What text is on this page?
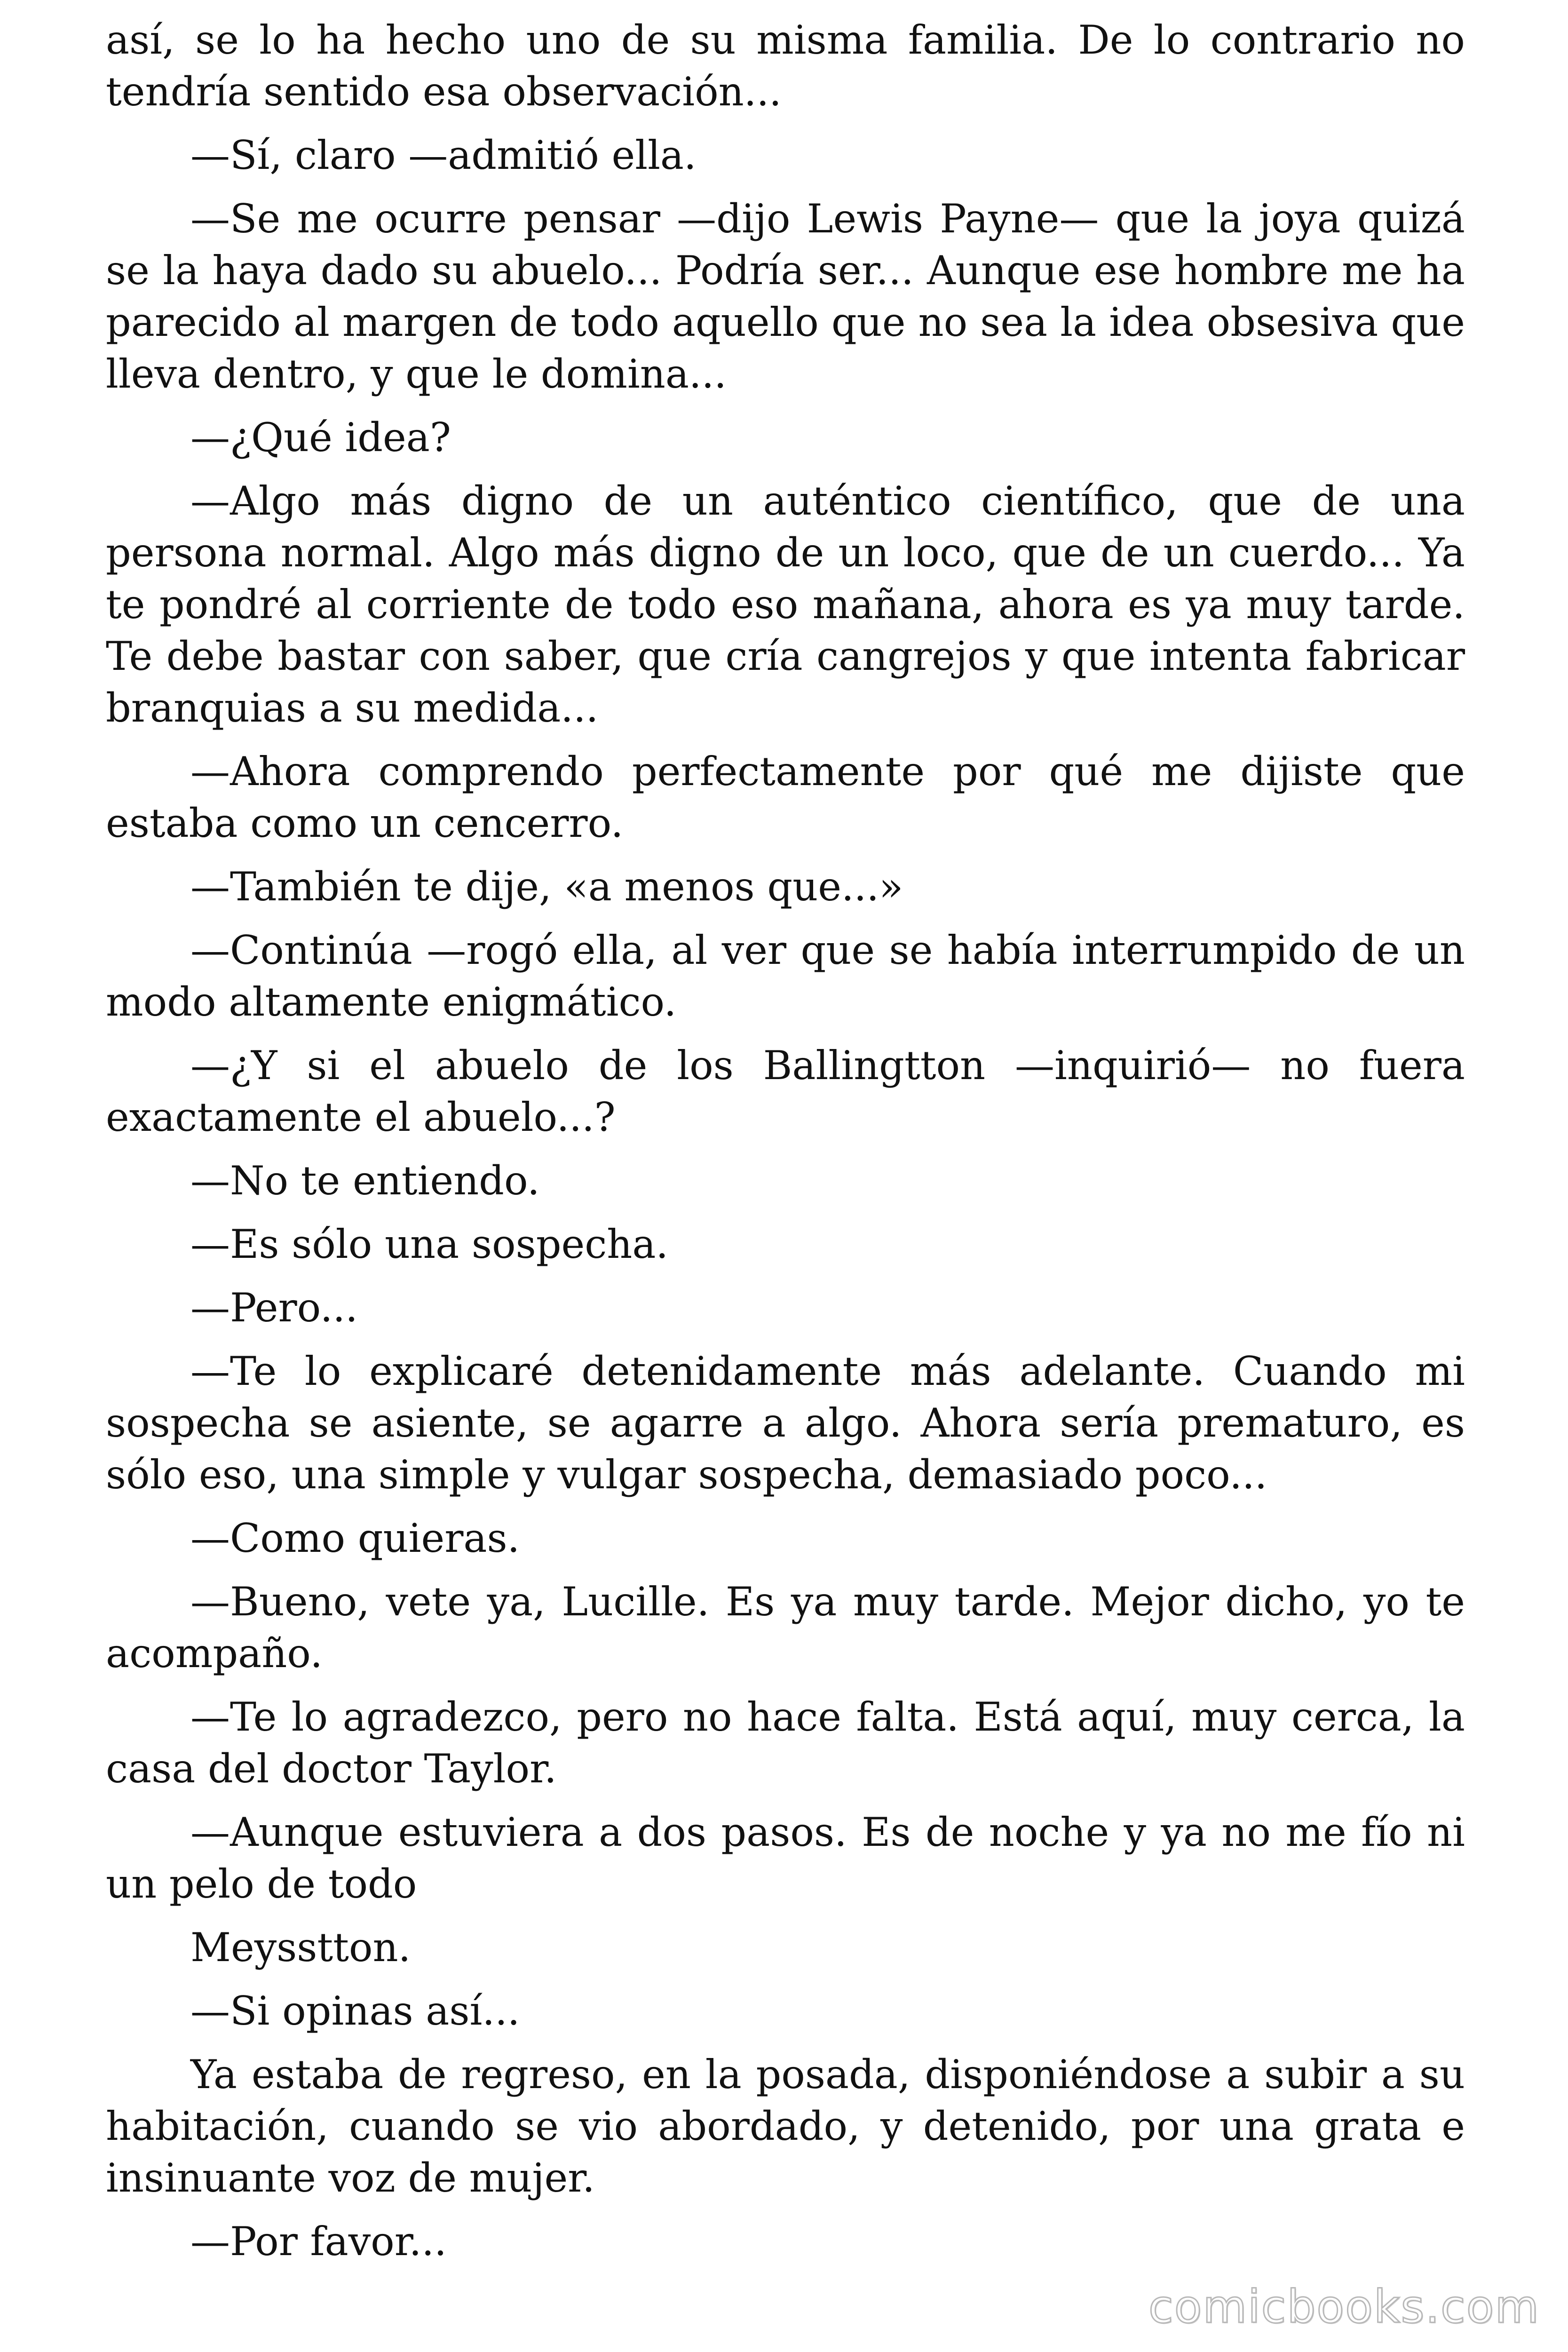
así, se lo ha hecho uno de su misma familia. De lo contrario no tendría sentido esa observación...

—Sí, claro —admitió ella.

—Se me ocurre pensar —dijo Lewis Payne— que la joya quizá se la haya dado su abuelo... Podría ser... Aunque ese hombre me ha parecido al margen de todo aquello que no sea la idea obsesiva que lleva dentro, y que le domina...

—¿Qué idea?

—Algo más digno de un auténtico científico, que de una persona normal. Algo más digno de un loco, que de un cuerdo... Ya te pondré al corriente de todo eso mañana, ahora es ya muy tarde. Te debe bastar con saber, que cría cangrejos y que intenta fabricar branquias a su medida...

—Ahora comprendo perfectamente por qué me dijiste que estaba como un cencerro.

—También te dije, «a menos que...»

—Continúa —rogó ella, al ver que se había interrumpido de un modo altamente enigmático.

—¿Y si el abuelo de los Ballingtton —inquirió— no fuera exactamente el abuelo...?

—No te entiendo.

—Es sólo una sospecha.

—Pero...

—Te lo explicaré detenidamente más adelante. Cuando mi sospecha se asiente, se agarre a algo. Ahora sería prematuro, es sólo eso, una simple y vulgar sospecha, demasiado poco...

—Como quieras.

—Bueno, vete ya, Lucille. Es ya muy tarde. Mejor dicho, yo te acompaño.

—Te lo agradezco, pero no hace falta. Está aquí, muy cerca, la casa del doctor Taylor.

—Aunque estuviera a dos pasos. Es de noche y ya no me fío ni un pelo de todo

Meysstton.

—Si opinas así...

Ya estaba de regreso, en la posada, disponiéndose a subir a su habitación, cuando se vio abordado, y detenido, por una grata e insinuante voz de mujer.

—Por favor...

comicbooks.com
